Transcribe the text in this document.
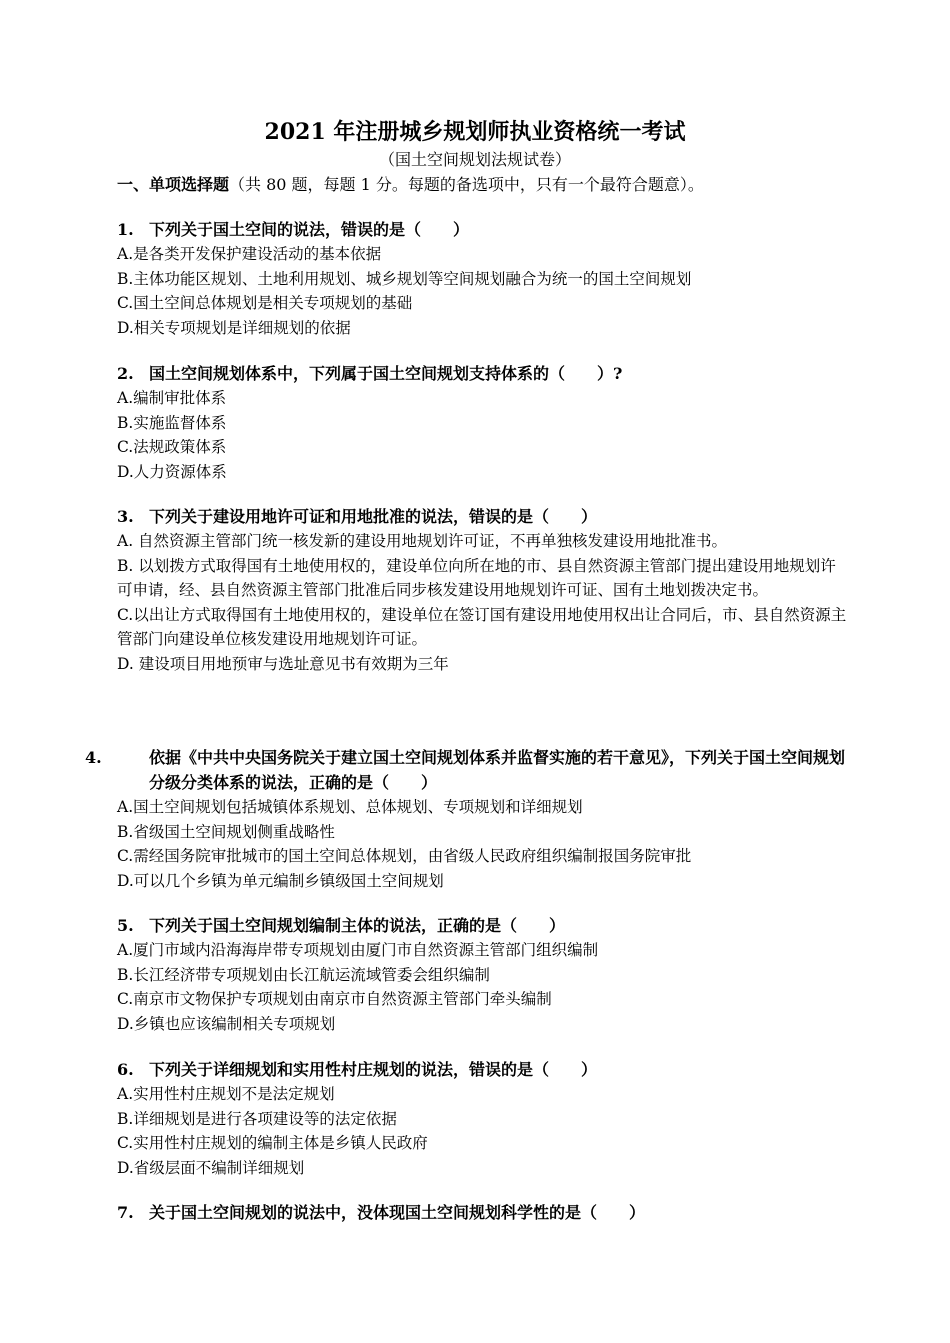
2021 年注册城乡规划师执业资格统一考试
（国土空间规划法规试卷）
一、单项选择题（共 80 题，每题 1 分。每题的备选项中，只有一个最符合题意）。
1. 下列关于国土空间的说法，错误的是（　　）
A.是各类开发保护建设活动的基本依据
B.主体功能区规划、土地利用规划、城乡规划等空间规划融合为统一的国土空间规划
C.国土空间总体规划是相关专项规划的基础
D.相关专项规划是详细规划的依据
2. 国土空间规划体系中，下列属于国土空间规划支持体系的（　　）?
A.编制审批体系
B.实施监督体系
C.法规政策体系
D.人力资源体系
3. 下列关于建设用地许可证和用地批准的说法，错误的是（　　）
A. 自然资源主管部门统一核发新的建设用地规划许可证，不再单独核发建设用地批准书。
B. 以划拨方式取得国有土地使用权的，建设单位向所在地的市、县自然资源主管部门提出建设用地规划许可申请，经、县自然资源主管部门批准后同步核发建设用地规划许可证、国有土地划拨决定书。
C.以出让方式取得国有土地使用权的，建设单位在签订国有建设用地使用权出让合同后，市、县自然资源主管部门向建设单位核发建设用地规划许可证。
D. 建设项目用地预审与选址意见书有效期为三年
4.	依据《中共中央国务院关于建立国土空间规划体系并监督实施的若干意见》，下列关于国土空间规划分级分类体系的说法，正确的是（　　）
A.国土空间规划包括城镇体系规划、总体规划、专项规划和详细规划
B.省级国土空间规划侧重战略性
C.需经国务院审批城市的国土空间总体规划，由省级人民政府组织编制报国务院审批
D.可以几个乡镇为单元编制乡镇级国土空间规划
5. 下列关于国土空间规划编制主体的说法，正确的是（　　）
A.厦门市域内沿海海岸带专项规划由厦门市自然资源主管部门组织编制
B.长江经济带专项规划由长江航运流域管委会组织编制
C.南京市文物保护专项规划由南京市自然资源主管部门牵头编制
D.乡镇也应该编制相关专项规划
6. 下列关于详细规划和实用性村庄规划的说法，错误的是（　　）
A.实用性村庄规划不是法定规划
B.详细规划是进行各项建设等的法定依据
C.实用性村庄规划的编制主体是乡镇人民政府
D.省级层面不编制详细规划
7. 关于国土空间规划的说法中，没体现国土空间规划科学性的是（　　）
